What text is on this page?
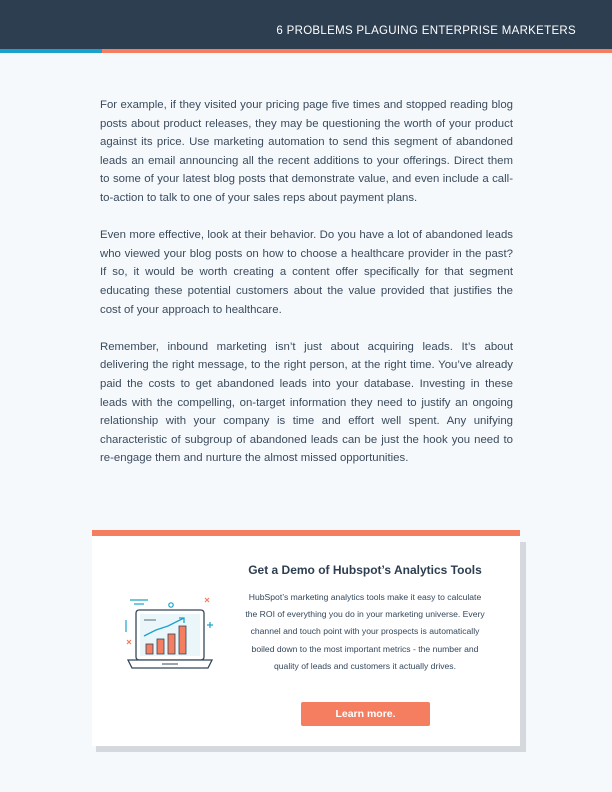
6 PROBLEMS PLAGUING ENTERPRISE MARKETERS

For example, if they visited your pricing page five times and stopped reading blog posts about product releases, they may be questioning the worth of your product against its price. Use marketing automation to send this segment of abandoned leads an email announcing all the recent additions to your offerings. Direct them to some of your latest blog posts that demonstrate value, and even include a call-to-action to talk to one of your sales reps about payment plans.

Even more effective, look at their behavior. Do you have a lot of abandoned leads who viewed your blog posts on how to choose a healthcare provider in the past? If so, it would be worth creating a content offer specifically for that segment educating these potential customers about the value provided that justifies the cost of your approach to healthcare.

Remember, inbound marketing isn’t just about acquiring leads. It’s about delivering the right message, to the right person, at the right time. You’ve already paid the costs to get abandoned leads into your database. Investing in these leads with the compelling, on-target information they need to justify an ongoing relationship with your company is time and effort well spent. Any unifying characteristic of subgroup of abandoned leads can be just the hook you need to re-engage them and nurture the almost missed opportunities.

Get a Demo of Hubspot’s Analytics Tools
HubSpot’s marketing analytics tools make it easy to calculate the ROI of everything you do in your marketing universe. Every channel and touch point with your prospects is automatically boiled down to the most important metrics - the number and quality of leads and customers it actually drives.
Learn more.
